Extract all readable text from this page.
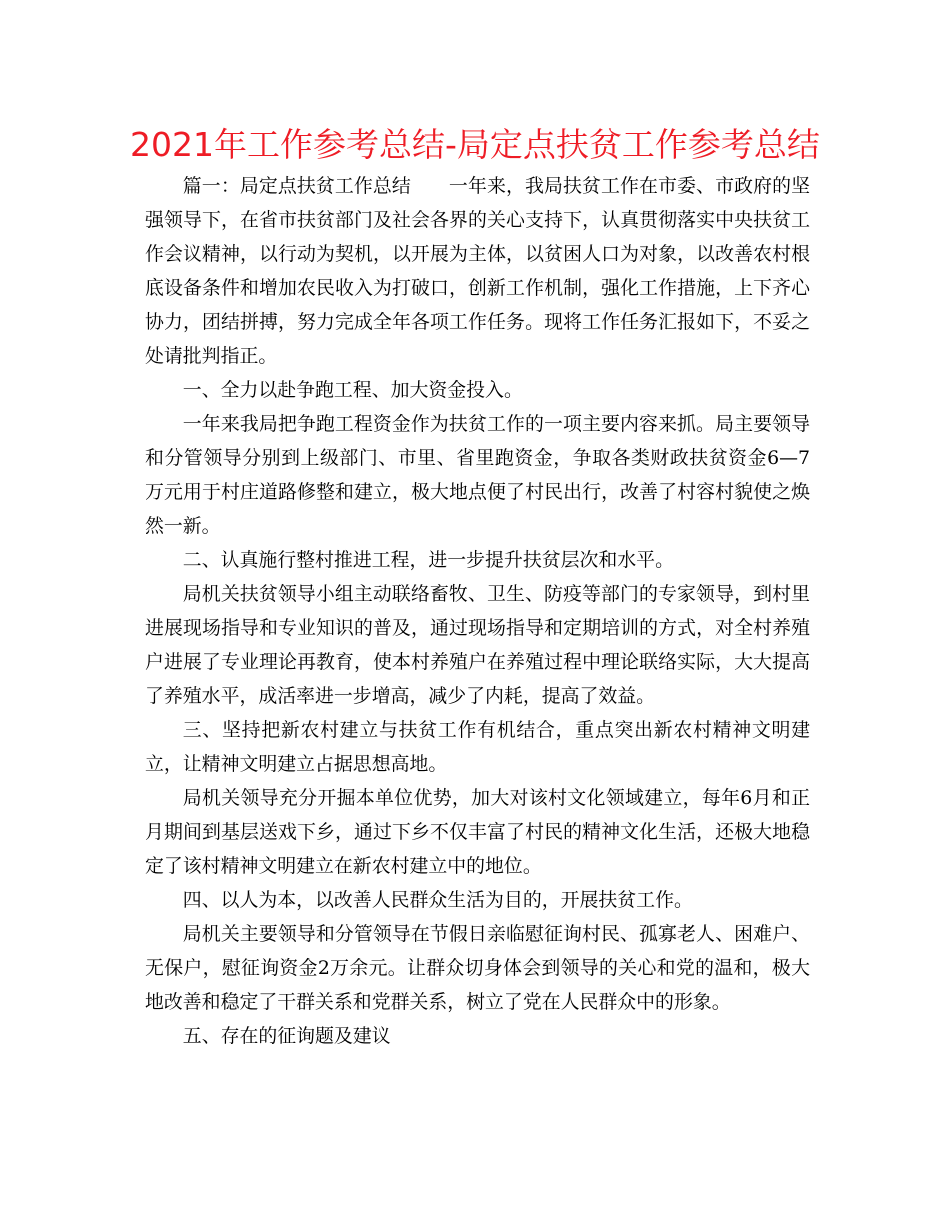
2021年工作参考总结-局定点扶贫工作参考总结

篇一：局定点扶贫工作总结　　一年来，我局扶贫工作在市委、市政府的坚强领导下，在省市扶贫部门及社会各界的关心支持下，认真贯彻落实中央扶贫工作会议精神，以行动为契机，以开展为主体，以贫困人口为对象，以改善农村根底设备条件和增加农民收入为打破口，创新工作机制，强化工作措施，上下齐心协力，团结拼搏，努力完成全年各项工作任务。现将工作任务汇报如下，不妥之处请批判指正。

一、全力以赴争跑工程、加大资金投入。

一年来我局把争跑工程资金作为扶贫工作的一项主要内容来抓。局主要领导和分管领导分别到上级部门、市里、省里跑资金，争取各类财政扶贫资金6—7万元用于村庄道路修整和建立，极大地点便了村民出行，改善了村容村貌使之焕然一新。

二、认真施行整村推进工程，进一步提升扶贫层次和水平。

局机关扶贫领导小组主动联络畜牧、卫生、防疫等部门的专家领导，到村里进展现场指导和专业知识的普及，通过现场指导和定期培训的方式，对全村养殖户进展了专业理论再教育，使本村养殖户在养殖过程中理论联络实际，大大提高了养殖水平，成活率进一步增高，减少了内耗，提高了效益。

三、坚持把新农村建立与扶贫工作有机结合，重点突出新农村精神文明建立，让精神文明建立占据思想高地。

局机关领导充分开掘本单位优势，加大对该村文化领域建立，每年6月和正月期间到基层送戏下乡，通过下乡不仅丰富了村民的精神文化生活，还极大地稳定了该村精神文明建立在新农村建立中的地位。

四、以人为本，以改善人民群众生活为目的，开展扶贫工作。

局机关主要领导和分管领导在节假日亲临慰征询村民、孤寡老人、困难户、无保户，慰征询资金2万余元。让群众切身体会到领导的关心和党的温和，极大地改善和稳定了干群关系和党群关系，树立了党在人民群众中的形象。

五、存在的征询题及建议
